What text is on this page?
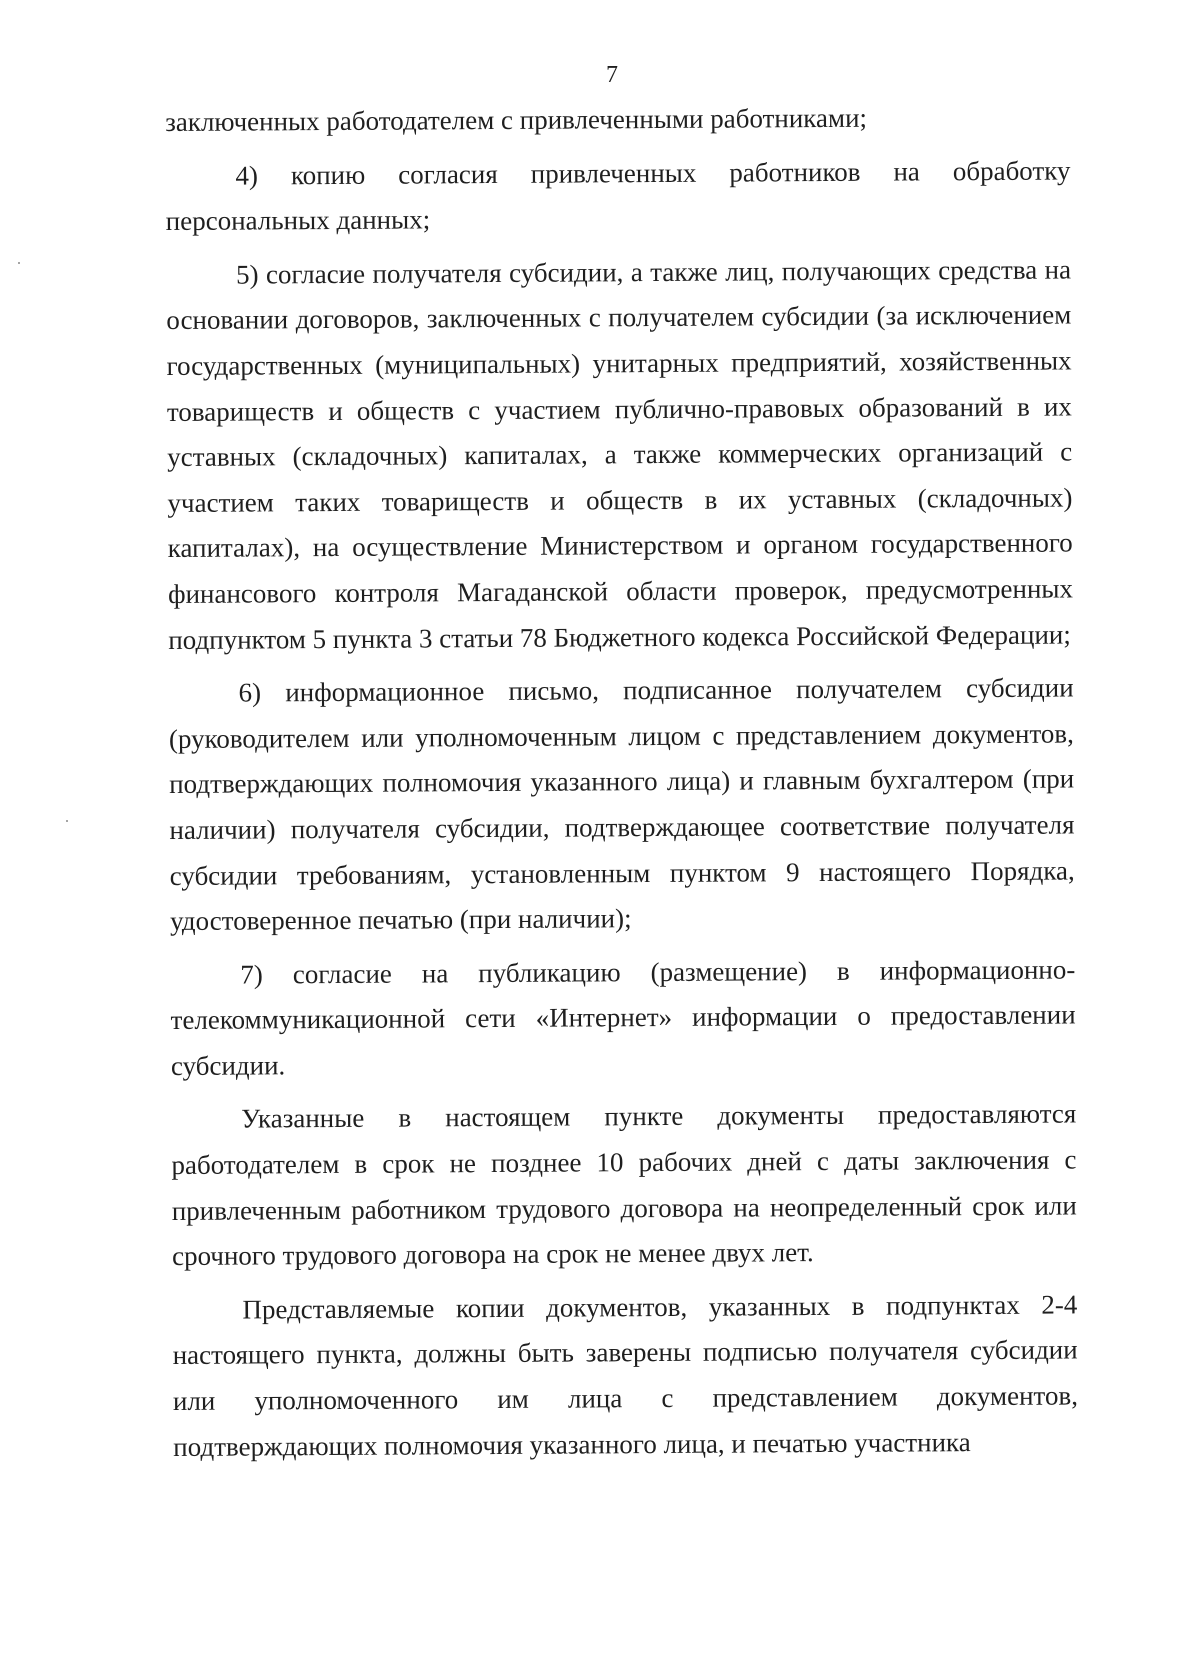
7

заключенных работодателем с привлеченными работниками;

4) копию согласия привлеченных работников на обработку персональных данных;

5) согласие получателя субсидии, а также лиц, получающих средства на основании договоров, заключенных с получателем субсидии (за исключением государственных (муниципальных) унитарных предприятий, хозяйственных товариществ и обществ с участием публично-правовых образований в их уставных (складочных) капиталах, а также коммерческих организаций с участием таких товариществ и обществ в их уставных (складочных) капиталах), на осуществление Министерством и органом государственного финансового контроля Магаданской области проверок, предусмотренных подпунктом 5 пункта 3 статьи 78 Бюджетного кодекса Российской Федерации;

6) информационное письмо, подписанное получателем субсидии (руководителем или уполномоченным лицом с представлением документов, подтверждающих полномочия указанного лица) и главным бухгалтером (при наличии) получателя субсидии, подтверждающее соответствие получателя субсидии требованиям, установленным пунктом 9 настоящего Порядка, удостоверенное печатью (при наличии);

7) согласие на публикацию (размещение) в информационно-телекоммуникационной сети «Интернет» информации о предоставлении субсидии.

Указанные в настоящем пункте документы предоставляются работодателем в срок не позднее 10 рабочих дней с даты заключения с привлеченным работником трудового договора на неопределенный срок или срочного трудового договора на срок не менее двух лет.

Представляемые копии документов, указанных в подпунктах 2-4 настоящего пункта, должны быть заверены подписью получателя субсидии или уполномоченного им лица с представлением документов, подтверждающих полномочия указанного лица, и печатью участника
